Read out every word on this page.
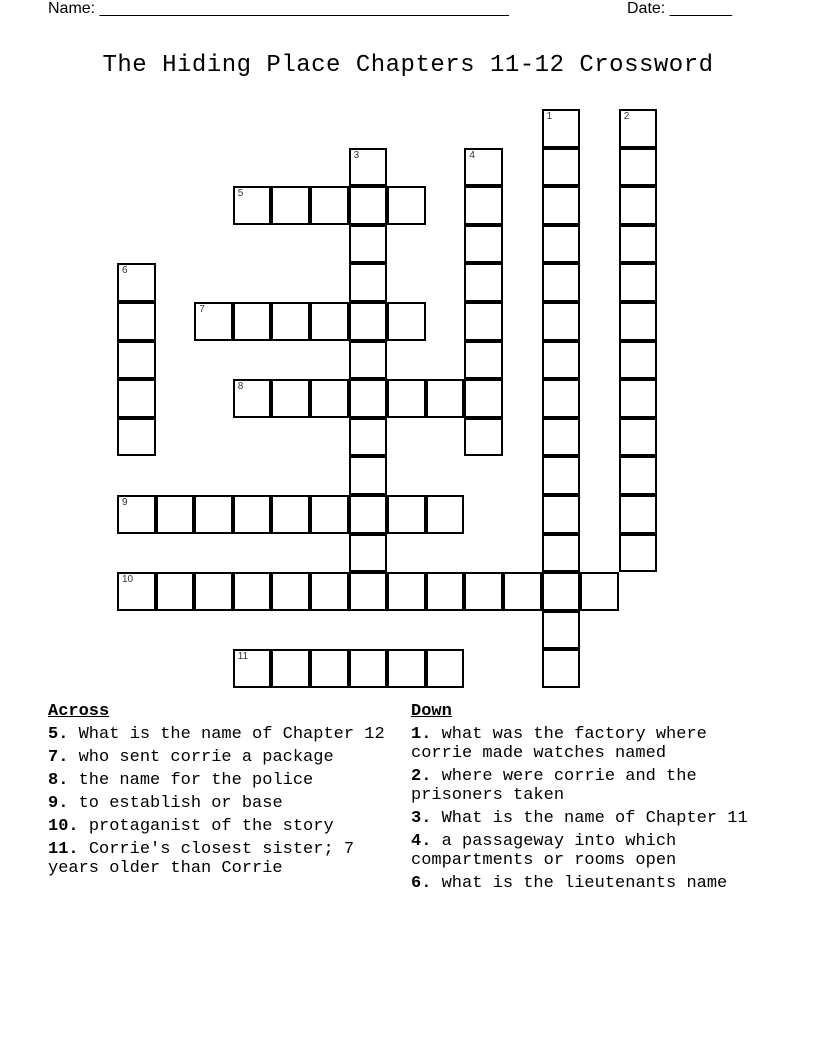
Name: ______________________________________________	Date: _______
The Hiding Place Chapters 11-12 Crossword
1	2
3	4
5
6
7
8
9
10
11
Across
5. What is the name of Chapter 12
7. who sent corrie a package
8. the name for the police
9. to establish or base
10. protaganist of the story
11. Corrie's closest sister; 7 years older than Corrie
Down
1. what was the factory where corrie made watches named
2. where were corrie and the prisoners taken
3. What is the name of Chapter 11
4. a passageway into which compartments or rooms open
6. what is the lieutenants name
